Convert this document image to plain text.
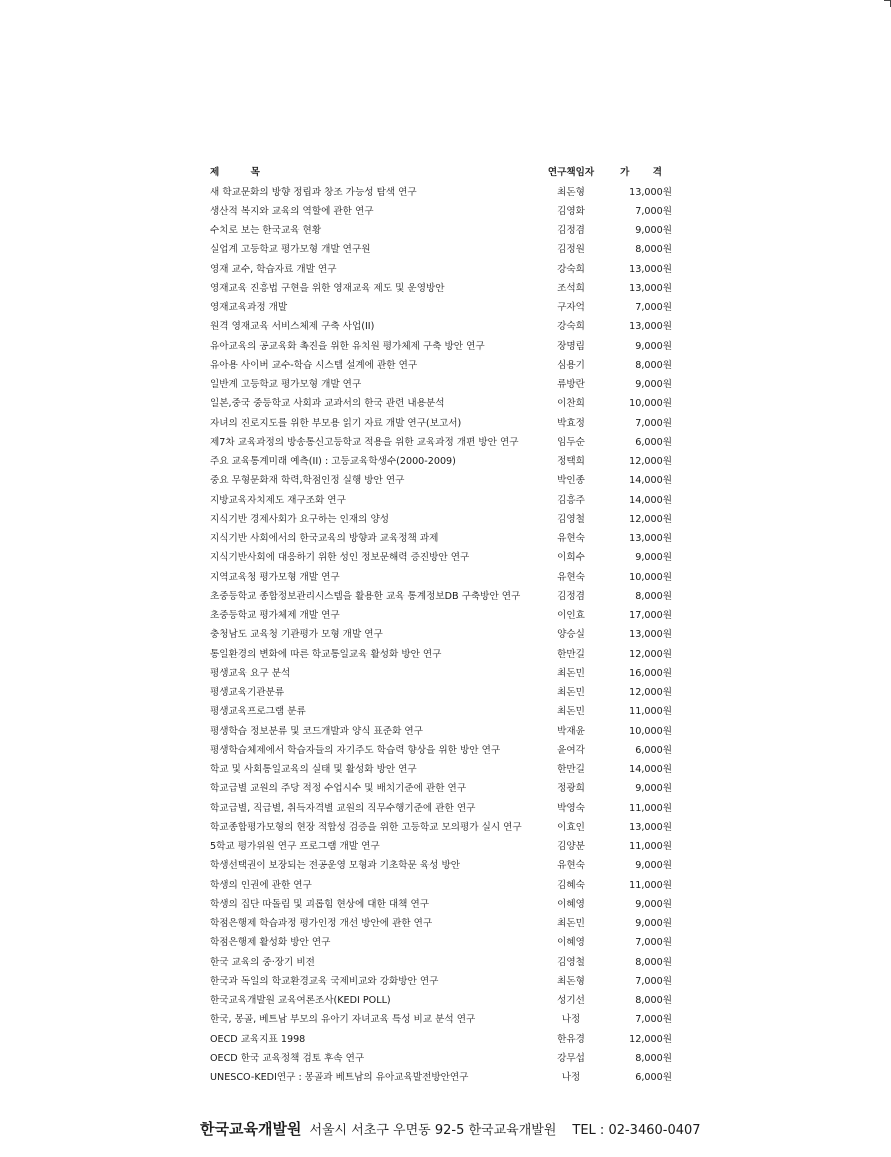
제 목	연구책임자	가 격
새 학교문화의 방향 정립과 창조 가능성 탐색 연구	최돈형	13,000원
생산적 복지와 교육의 역할에 관한 연구	김영화	7,000원
수치로 보는 한국교육 현황	김정겸	9,000원
실업계 고등학교 평가모형 개발 연구원	김정원	8,000원
영재 교수, 학습자료 개발 연구	강숙희	13,000원
영재교육 진흥법 구현을 위한 영재교육 제도 및 운영방안	조석희	13,000원
영재교육과정 개발	구자억	7,000원
원격 영재교육 서비스체제 구축 사업(II)	강숙희	13,000원
유아교육의 공교육화 촉진을 위한 유치원 평가체제 구축 방안 연구	장명림	9,000원
유아용 사이버 교수-학습 시스템 설계에 관한 연구	심용기	8,000원
일반계 고등학교 평가모형 개발 연구	류방란	9,000원
일본,중국 중등학교 사회과 교과서의 한국 관련 내용분석	이찬희	10,000원
자녀의 진로지도를 위한 부모용 읽기 자료 개발 연구(보고서)	박효정	7,000원
제7차 교육과정의 방송통신고등학교 적용을 위한 교육과정 개편 방안 연구	임두순	6,000원
주요 교육통계미래 예측(II) : 고등교육학생수(2000-2009)	정택희	12,000원
중요 무형문화재 학력,학점인정 실행 방안 연구	박인종	14,000원
지방교육자치제도 재구조화 연구	김흥주	14,000원
지식기반 경제사회가 요구하는 인재의 양성	김영철	12,000원
지식기반 사회에서의 한국교육의 방향과 교육정책 과제	유현숙	13,000원
지식기반사회에 대응하기 위한 성인 정보문해력 증진방안 연구	이희수	9,000원
지역교육청 평가모형 개발 연구	유현숙	10,000원
초중등학교 종합정보관리시스템을 활용한 교육 통계정보DB 구축방안 연구	김정겸	8,000원
초중등학교 평가체제 개발 연구	이인효	17,000원
충청남도 교육청 기관평가 모형 개발 연구	양승실	13,000원
통일환경의 변화에 따른 학교통일교육 활성화 방안 연구	한만길	12,000원
평생교육 요구 분석	최돈민	16,000원
평생교육기관분류	최돈민	12,000원
평생교육프로그램 분류	최돈민	11,000원
평생학습 정보분류 및 코드개발과 양식 표준화 연구	박재윤	10,000원
평생학습체제에서 학습자들의 자기주도 학습력 향상을 위한 방안 연구	윤여각	6,000원
학교 및 사회통일교육의 실태 및 활성화 방안 연구	한만길	14,000원
학교급별 교원의 주당 적정 수업시수 및 배치기준에 관한 연구	정광희	9,000원
학교급별, 직급별, 취득자격별 교원의 직무수행기준에 관한 연구	박영숙	11,000원
학교종합평가모형의 현장 적합성 검증을 위한 고등학교 모의평가 실시 연구	이효인	13,000원
5학교 평가위원 연구 프로그램 개발 연구	김양분	11,000원
학생선택권이 보장되는 전공운영 모형과 기초학문 육성 방안	유현숙	9,000원
학생의 인권에 관한 연구	김혜숙	11,000원
학생의 집단 따돌림 및 괴롭힘 현상에 대한 대책 연구	이혜영	9,000원
학점은행제 학습과정 평가인정 개선 방안에 관한 연구	최돈민	9,000원
학점은행제 활성화 방안 연구	이혜영	7,000원
한국 교육의 중·장기 비전	김영철	8,000원
한국과 독일의 학교환경교육 국제비교와 강화방안 연구	최돈형	7,000원
한국교육개발원 교육여론조사(KEDI POLL)	성기선	8,000원
한국, 몽골, 베트남 부모의 유아기 자녀교육 특성 비교 분석 연구	나정	7,000원
OECD 교육지표 1998	한유경	12,000원
OECD 한국 교육정책 검토 후속 연구	강무섭	8,000원
UNESCO-KEDI연구 : 몽골과 베트남의 유아교육발전방안연구	나정	6,000원
한국교육개발원 서울시 서초구 우면동 92-5 한국교육개발원 TEL : 02-3460-0407
